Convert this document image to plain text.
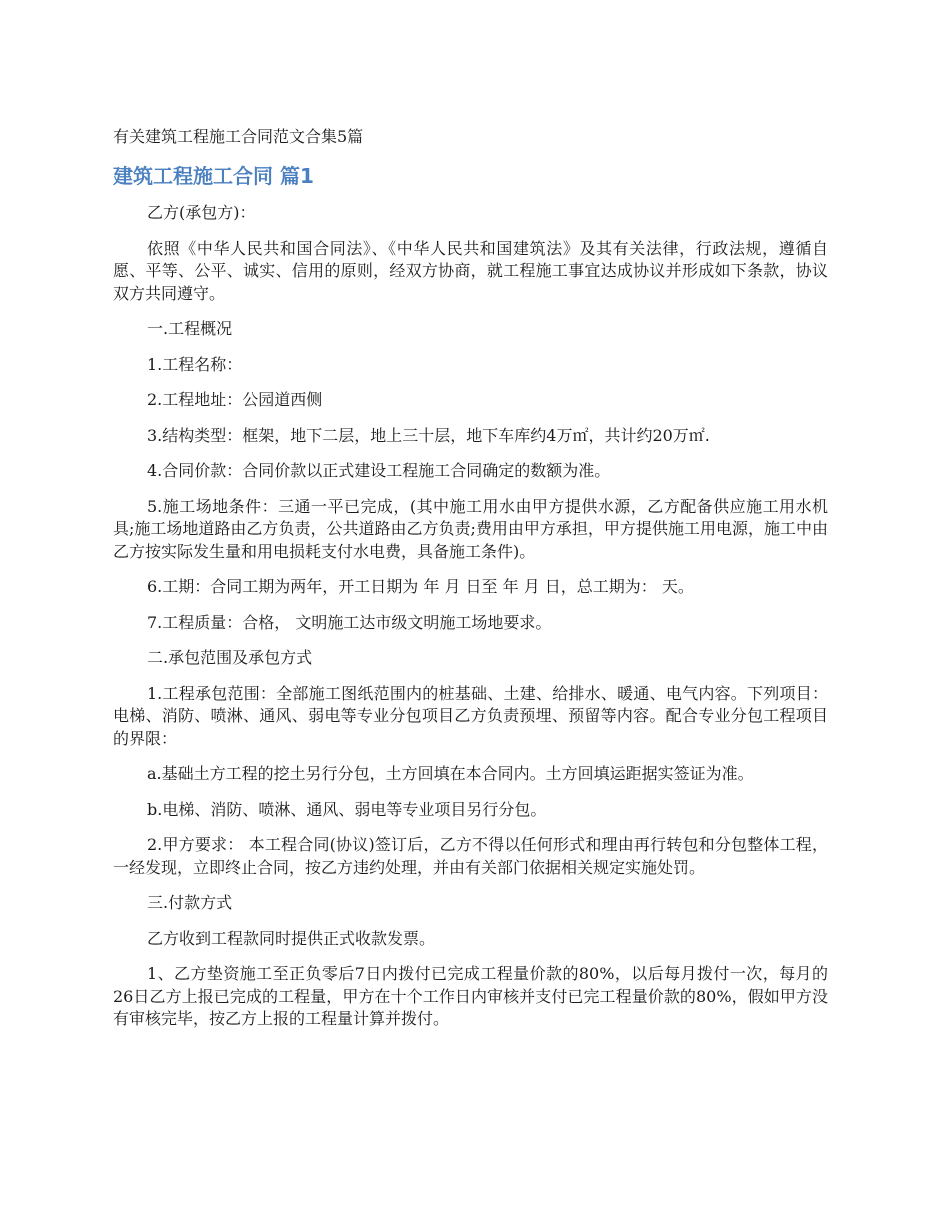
有关建筑工程施工合同范文合集5篇
建筑工程施工合同 篇1

乙方(承包方)：

依照《中华人民共和国合同法》、《中华人民共和国建筑法》及其有关法律，行政法规，遵循自愿、平等、公平、诚实、信用的原则，经双方协商，就工程施工事宜达成协议并形成如下条款，协议双方共同遵守。

一.工程概况

1.工程名称：

2.工程地址：公园道西侧

3.结构类型：框架，地下二层，地上三十层，地下车库约4万㎡，共计约20万㎡.

4.合同价款：合同价款以正式建设工程施工合同确定的数额为准。

5.施工场地条件：三通一平已完成，(其中施工用水由甲方提供水源，乙方配备供应施工用水机具;施工场地道路由乙方负责，公共道路由乙方负责;费用由甲方承担，甲方提供施工用电源，施工中由乙方按实际发生量和用电损耗支付水电费，具备施工条件)。

6.工期：合同工期为两年，开工日期为 年 月 日至 年 月 日，总工期为： 天。

7.工程质量：合格， 文明施工达市级文明施工场地要求。

二.承包范围及承包方式

1.工程承包范围：全部施工图纸范围内的桩基础、土建、给排水、暖通、电气内容。下列项目：电梯、消防、喷淋、通风、弱电等专业分包项目乙方负责预埋、预留等内容。配合专业分包工程项目的界限：

a.基础土方工程的挖土另行分包，土方回填在本合同内。土方回填运距据实签证为准。

b.电梯、消防、喷淋、通风、弱电等专业项目另行分包。

2.甲方要求： 本工程合同(协议)签订后，乙方不得以任何形式和理由再行转包和分包整体工程，一经发现，立即终止合同，按乙方违约处理，并由有关部门依据相关规定实施处罚。

三.付款方式

乙方收到工程款同时提供正式收款发票。

1、乙方垫资施工至正负零后7日内拨付已完成工程量价款的80%，以后每月拨付一次，每月的26日乙方上报已完成的工程量，甲方在十个工作日内审核并支付已完工程量价款的80%，假如甲方没有审核完毕，按乙方上报的工程量计算并拨付。
